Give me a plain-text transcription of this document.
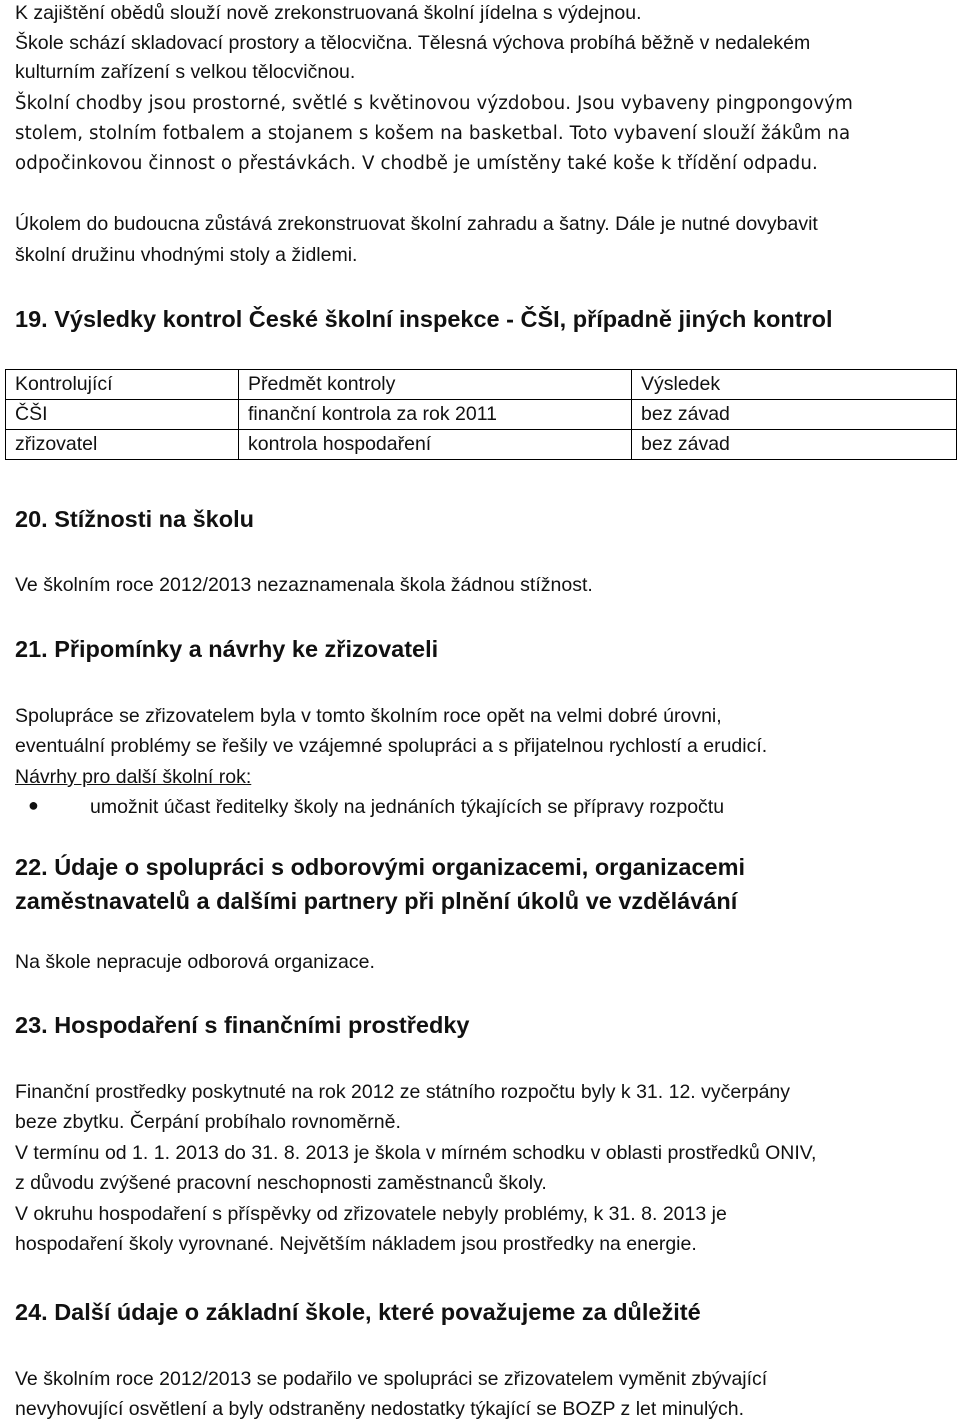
K zajištění obědů slouží nově zrekonstruovaná školní jídelna s výdejnou.
Škole schází skladovací prostory a tělocvična. Tělesná výchova probíhá běžně v nedalekém
kulturním zařízení s velkou tělocvičnou.
Školní chodby jsou prostorné, světlé s květinovou výzdobou. Jsou vybaveny pingpongovým
stolem, stolním fotbalem a stojanem s košem na basketbal. Toto vybavení slouží žákům na
odpočinkovou činnost o přestávkách. V chodbě je umístěny také koše k třídění odpadu.
Úkolem do budoucna zůstává zrekonstruovat školní zahradu a šatny. Dále je nutné dovybavit
školní družinu vhodnými stoly a židlemi.
19. Výsledky kontrol České školní inspekce - ČŠI, případně jiných kontrol
Kontrolující	Předmět kontroly	Výsledek
ČŠI	finanční kontrola za rok 2011	bez závad
zřizovatel	kontrola hospodaření	bez závad
20. Stížnosti na školu
Ve školním roce 2012/2013 nezaznamenala škola žádnou stížnost.
21. Připomínky a návrhy ke zřizovateli
Spolupráce se zřizovatelem byla v tomto školním roce opět na velmi dobré úrovni,
eventuální problémy se řešily ve vzájemné spolupráci a s přijatelnou rychlostí a erudicí.
Návrhy pro další školní rok:
●	umožnit účast ředitelky školy na jednáních týkajících se přípravy rozpočtu
22. Údaje o spolupráci s odborovými organizacemi, organizacemi
zaměstnavatelů a dalšími partnery při plnění úkolů ve vzdělávání
Na škole nepracuje odborová organizace.
23. Hospodaření s finančními prostředky
Finanční prostředky poskytnuté na rok 2012 ze státního rozpočtu byly k 31. 12. vyčerpány
beze zbytku. Čerpání probíhalo rovnoměrně.
V termínu od 1. 1. 2013 do 31. 8. 2013 je škola v mírném schodku v oblasti prostředků ONIV,
z důvodu zvýšené pracovní neschopnosti zaměstnanců školy.
V okruhu hospodaření s příspěvky od zřizovatele nebyly problémy, k 31. 8. 2013 je
hospodaření školy vyrovnané. Největším nákladem jsou prostředky na energie.
24. Další údaje o základní škole, které považujeme za důležité
Ve školním roce 2012/2013 se podařilo ve spolupráci se zřizovatelem vyměnit zbývající
nevyhovující osvětlení a byly odstraněny nedostatky týkající se BOZP z let minulých.
